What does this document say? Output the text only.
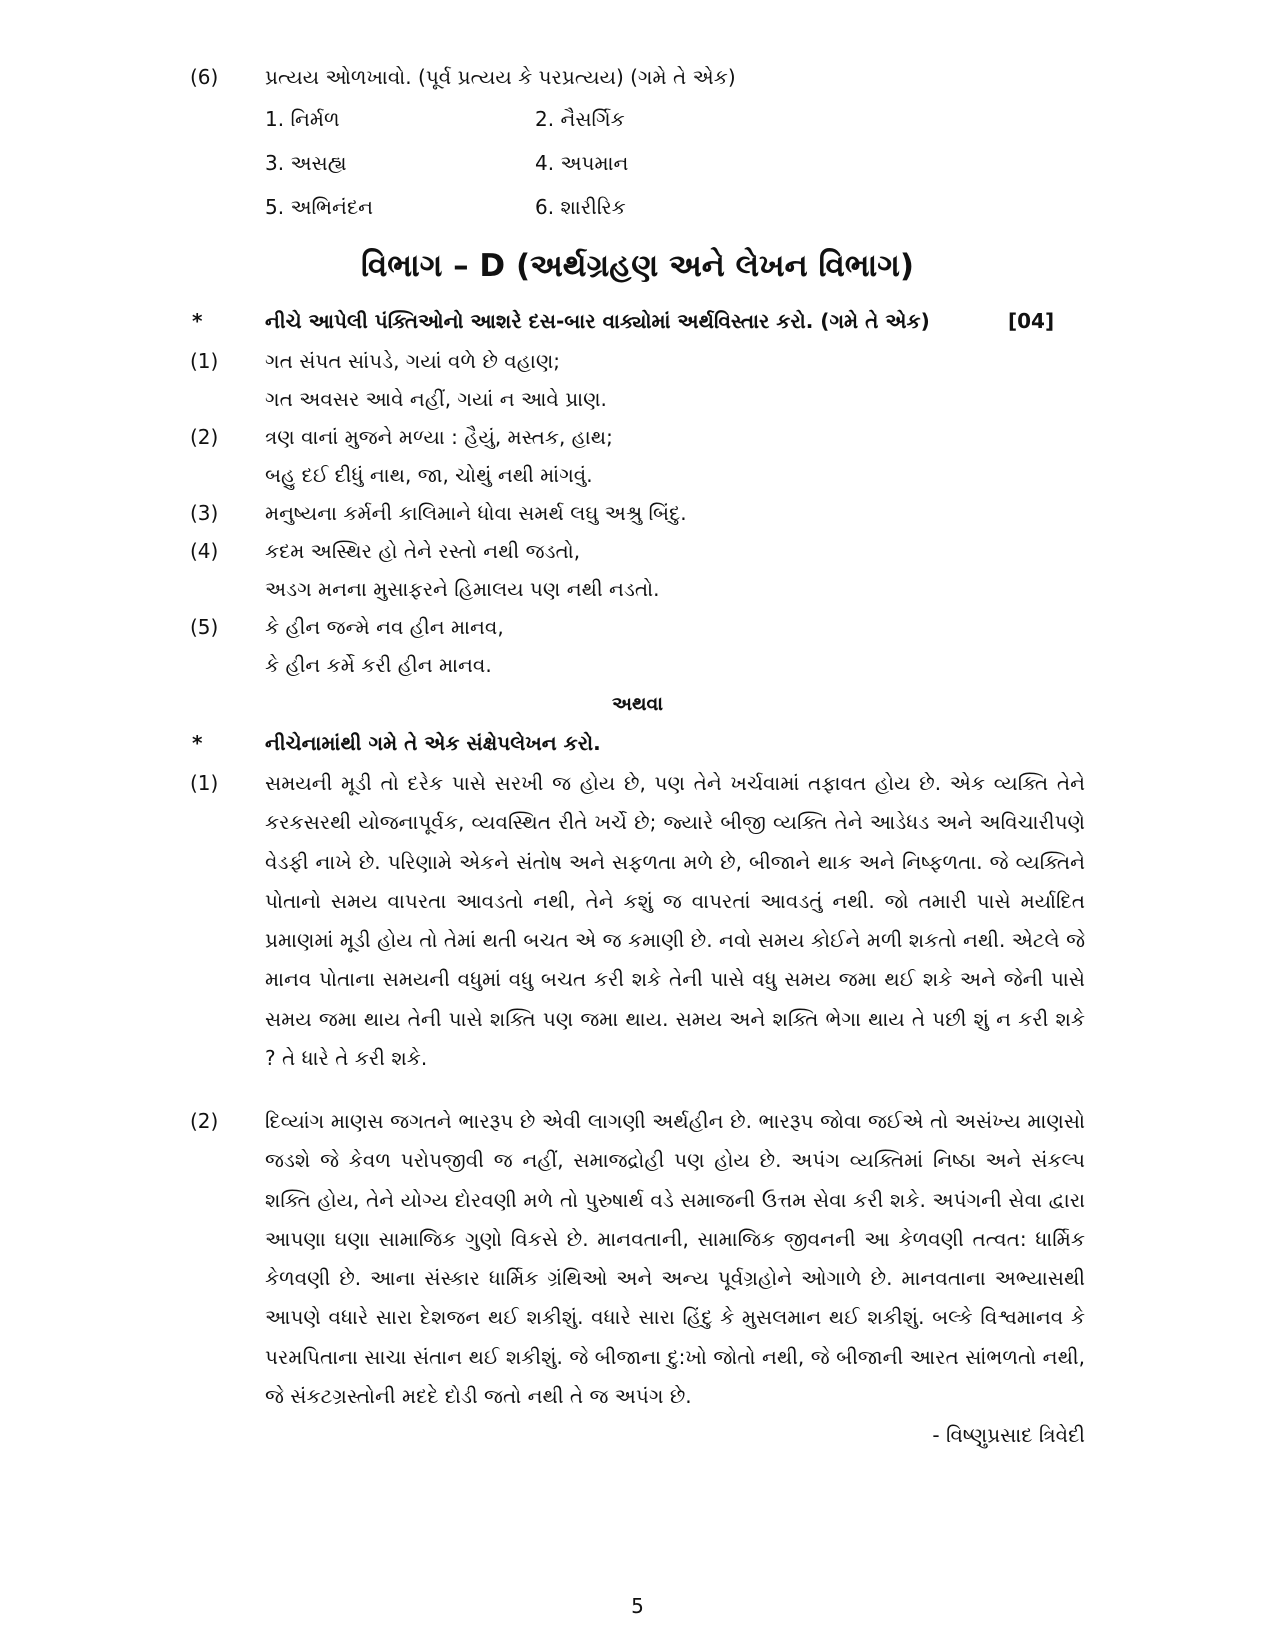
(6) પ્રત્યય ઓળખાવો. (પૂર્વ પ્રત્યય કે પરપ્રત્યય) (ગમે તે એક)
1. નિર્મળ	2. નૈસર્ગિક
3. અસહ્ય	4. અપમાન
5. અભિનંદન	6. શારીરિક
વિભાગ – D (અર્થગ્રહણ અને લેખન વિભાગ)
*	નીચે આપેલી પંક્તિઓનો આશરે દસ-બાર વાક્યોમાં અર્થવિસ્તાર કરો. (ગમે તે એક)	[04]
(1) ગત સંપત સાંપડે, ગયાં વળે છે વહાણ;
ગત અવસર આવે નહીં, ગયાં ન આવે પ્રાણ.
(2) ત્રણ વાનાં મુજને મળ્યા : હૈયું, મસ્તક, હાથ;
બહુ દઈ દીધું નાથ, જા, ચોથું નથી માંગવું.
(3) મનુષ્યના કર્મની કાલિમાને ધોવા સમર્થ લઘુ અશ્રુ બિંદુ.
(4) કદમ અસ્થિર હો તેને રસ્તો નથી જડતો,
અડગ મનના મુસાફરને હિમાલય પણ નથી નડતો.
(5) કે હીન જન્મે નવ હીન માનવ,
કે હીન કર્મે કરી હીન માનવ.
અથવા
*	નીચેનામાંથી ગમે તે એક સંક્ષેપલેખન કરો.
(1) સમયની મૂડી તો દરેક પાસે સરખી જ હોય છે, પણ તેને ખર્ચવામાં તફાવત હોય છે. એક વ્યક્તિ તેને કરકસરથી યોજનાપૂર્વક, વ્યવસ્થિત રીતે ખર્ચે છે; જ્યારે બીજી વ્યક્તિ તેને આડેધડ અને અવિચારીપણે વેડફી નાખે છે. પરિણામે એકને સંતોષ અને સફળતા મળે છે, બીજાને થાક અને નિષ્ફળતા. જે વ્યક્તિને પોતાનો સમય વાપરતા આવડતો નથી, તેને કશું જ વાપરતાં આવડતું નથી. જો તમારી પાસે મર્યાદિત પ્રમાણમાં મૂડી હોય તો તેમાં થતી બચત એ જ કમાણી છે. નવો સમય કોઈને મળી શકતો નથી. એટલે જે માનવ પોતાના સમયની વધુમાં વધુ બચત કરી શકે તેની પાસે વધુ સમય જમા થઈ શકે અને જેની પાસે સમય જમા થાય તેની પાસે શક્તિ પણ જમા થાય. સમય અને શક્તિ ભેગા થાય તે પછી શું ન કરી શકે ? તે ધારે તે કરી શકે.
(2) દિવ્યાંગ માણસ જગતને ભારરૂપ છે એવી લાગણી અર્થહીન છે. ભારરૂપ જોવા જઈએ તો અસંખ્ય માણસો જડશે જે કેવળ પરોપજીવી જ નહીં, સમાજદ્રોહી પણ હોય છે. અપંગ વ્યક્તિમાં નિષ્ઠા અને સંકલ્પ શક્તિ હોય, તેને યોગ્ય દોરવણી મળે તો પુરુષાર્થ વડે સમાજની ઉત્તમ સેવા કરી શકે. અપંગની સેવા દ્વારા આપણા ઘણા સામાજિક ગુણો વિકસે છે. માનવતાની, સામાજિક જીવનની આ કેળવણી તત્વત: ધાર્મિક કેળવણી છે. આના સંસ્કાર ધાર્મિક ગ્રંથિઓ અને અન્ય પૂર્વગ્રહોને ઓગાળે છે. માનવતાના અભ્યાસથી આપણે વધારે સારા દેશજન થઈ શકીશું. વધારે સારા હિંદુ કે મુસલમાન થઈ શકીશું. બલ્કે વિશ્વમાનવ કે પરમપિતાના સાચા સંતાન થઈ શકીશું. જે બીજાના દુ:ખો જોતો નથી, જે બીજાની આરત સાંભળતો નથી, જે સંકટગ્રસ્તોની મદદે દોડી જતો નથી તે જ અપંગ છે.
- વિષ્ણુપ્રસાદ ત્રિવેદી
5
